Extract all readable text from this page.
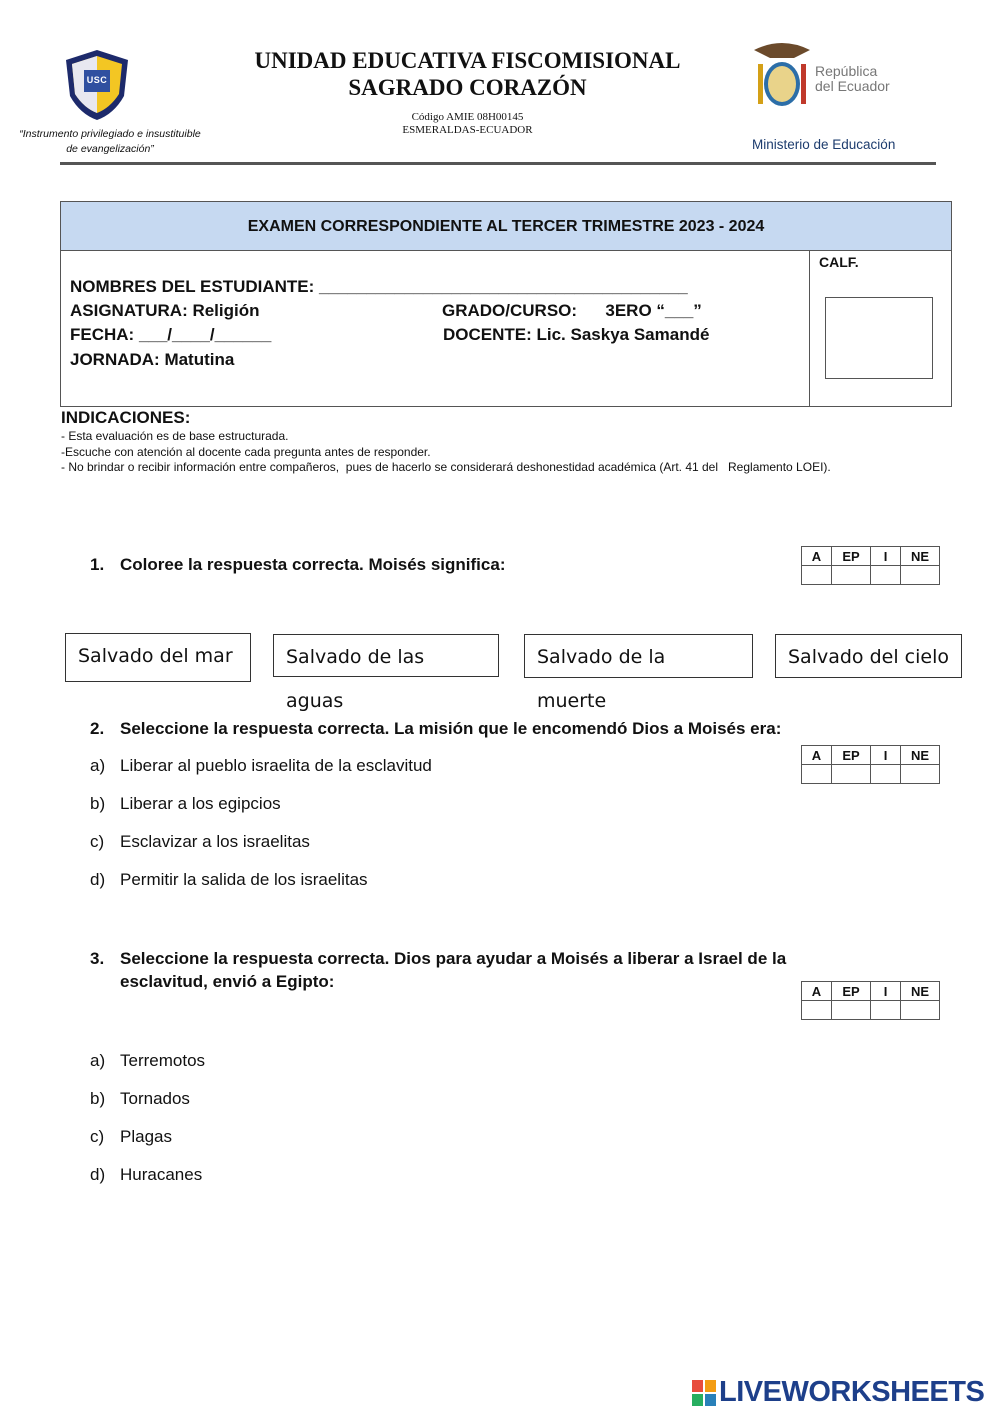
USC
“Instrumento privilegiado e insustituible
de evangelización”
UNIDAD EDUCATIVA FISCOMISIONAL
SAGRADO CORAZÓN
Código AMIE 08H00145
ESMERALDAS-ECUADOR
República
del Ecuador
Ministerio de Educación
EXAMEN CORRESPONDIENTE AL TERCER TRIMESTRE 2023 - 2024
CALF.
NOMBRES DEL ESTUDIANTE: _______________________________________
ASIGNATURA: Religión	GRADO/CURSO:      3ERO “___”
FECHA: ___/____/______	DOCENTE: Lic. Saskya Samandé
JORNADA: Matutina
INDICACIONES:

- Esta evaluación es de base estructurada.

-Escuche con atención al docente cada pregunta antes de responder.

- No brindar o recibir información entre compañeros,  pues de hacerlo se considerará deshonestidad académica (Art. 41 del   Reglamento LOEI).

1. Coloree la respuesta correcta. Moisés significa:	A	EP	I	NE

Salvado del mar	Salvado de las aguas
Salvado de la muerte
Salvado del cielo
2. Seleccione la respuesta correcta. La misión que le encomendó Dios a Moisés era:
A	EP	I	NE

a) Liberar al pueblo israelita de la esclavitud
b) Liberar a los egipcios
c) Esclavizar a los israelitas
d) Permitir la salida de los israelitas
3. Seleccione la respuesta correcta. Dios para ayudar a Moisés a liberar a Israel de la
esclavitud, envió a Egipto:	A	EP	I	NE

a) Terremotos
b) Tornados
c) Plagas
d) Huracanes
LIVEWORKSHEETS
